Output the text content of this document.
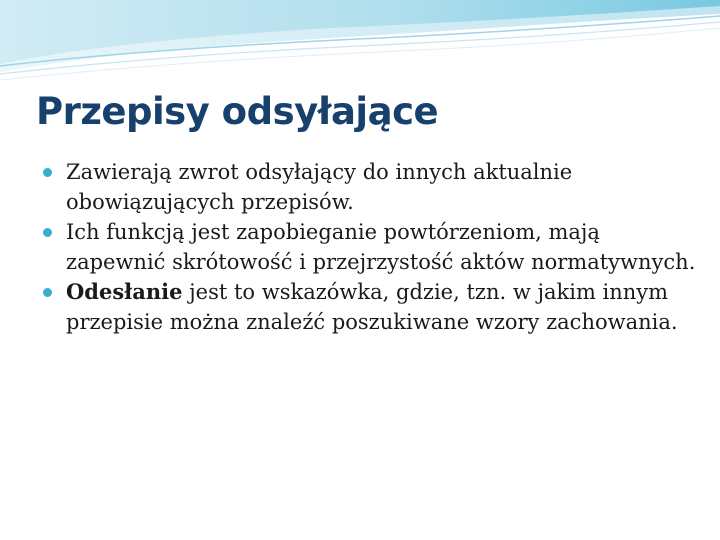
Przepisy odsyłające
Zawierają zwrot odsyłający do innych aktualnie obowiązujących przepisów.
Ich funkcją jest zapobieganie powtórzeniom, mają zapewnić skrótowość i przejrzystość aktów normatywnych.
Odesłanie jest to wskazówka, gdzie, tzn. w jakim innym przepisie można znaleźć poszukiwane wzory zachowania.
